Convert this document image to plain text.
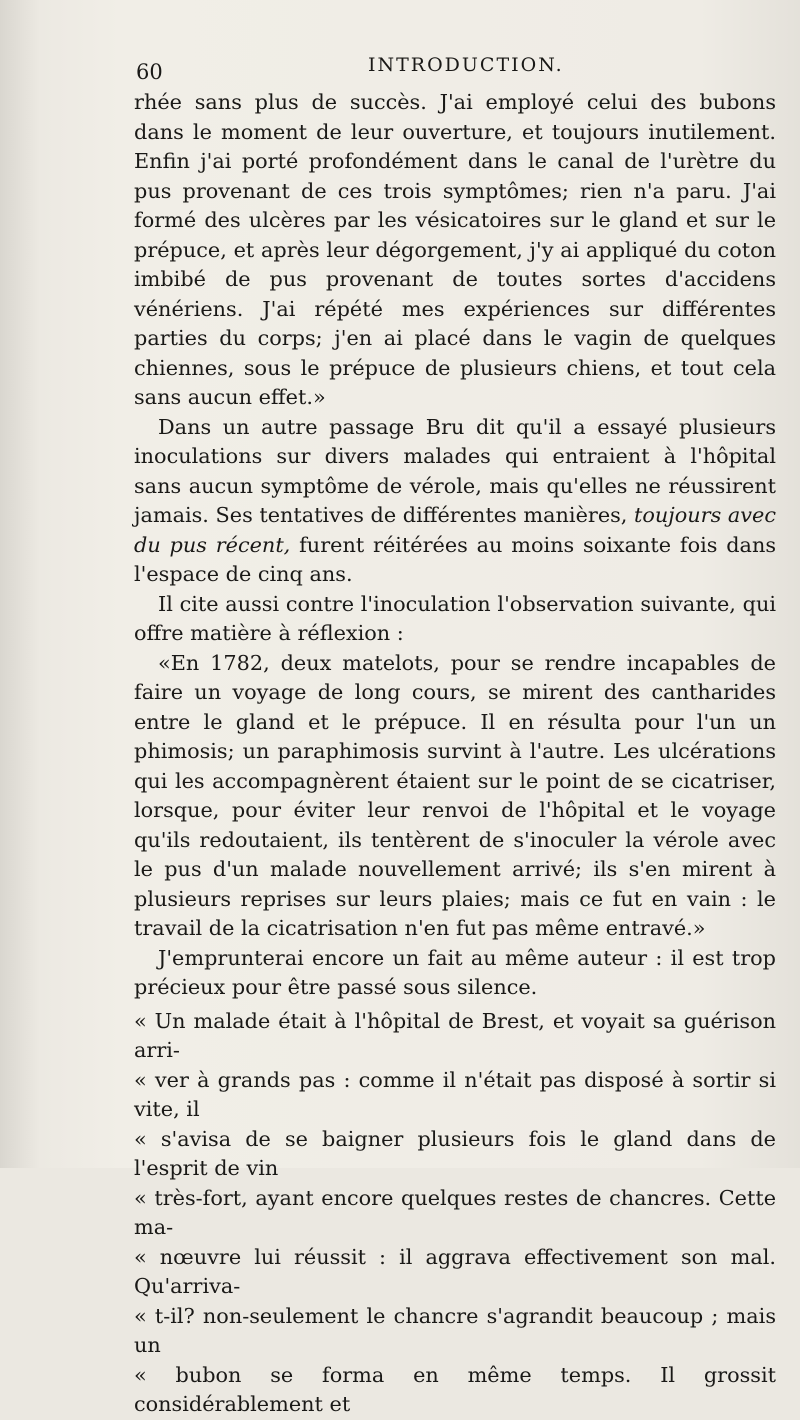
60	INTRODUCTION.

rhée sans plus de succès. J'ai employé celui des bubons dans le moment de leur ouverture, et toujours inutilement. Enfin j'ai porté profondément dans le canal de l'urètre du pus provenant de ces trois symptômes; rien n'a paru. J'ai formé des ulcères par les vésicatoires sur le gland et sur le prépuce, et après leur dégorgement, j'y ai appliqué du coton imbibé de pus provenant de toutes sortes d'accidens vénériens. J'ai répété mes expériences sur différentes parties du corps; j'en ai placé dans le vagin de quelques chiennes, sous le prépuce de plusieurs chiens, et tout cela sans aucun effet.»

Dans un autre passage Bru dit qu'il a essayé plusieurs inoculations sur divers malades qui entraient à l'hôpital sans aucun symptôme de vérole, mais qu'elles ne réussirent jamais. Ses tentatives de différentes manières, toujours avec du pus récent, furent réitérées au moins soixante fois dans l'espace de cinq ans.

Il cite aussi contre l'inoculation l'observation suivante, qui offre matière à réflexion :

«En 1782, deux matelots, pour se rendre incapables de faire un voyage de long cours, se mirent des cantharides entre le gland et le prépuce. Il en résulta pour l'un un phimosis; un paraphimosis survint à l'autre. Les ulcérations qui les accompagnèrent étaient sur le point de se cicatriser, lorsque, pour éviter leur renvoi de l'hôpital et le voyage qu'ils redoutaient, ils tentèrent de s'inoculer la vérole avec le pus d'un malade nouvellement arrivé; ils s'en mirent à plusieurs reprises sur leurs plaies; mais ce fut en vain : le travail de la cicatrisation n'en fut pas même entravé.»

J'emprunterai encore un fait au même auteur : il est trop précieux pour être passé sous silence.

« Un malade était à l'hôpital de Brest, et voyait sa guérison arri-
« ver à grands pas : comme il n'était pas disposé à sortir si vite, il
« s'avisa de se baigner plusieurs fois le gland dans de l'esprit de vin
« très-fort, ayant encore quelques restes de chancres. Cette ma-
« nœuvre lui réussit : il aggrava effectivement son mal. Qu'arriva-
« t-il? non-seulement le chancre s'agrandit beaucoup ; mais un
« bubon se forma en même temps. Il grossit considérablement et
